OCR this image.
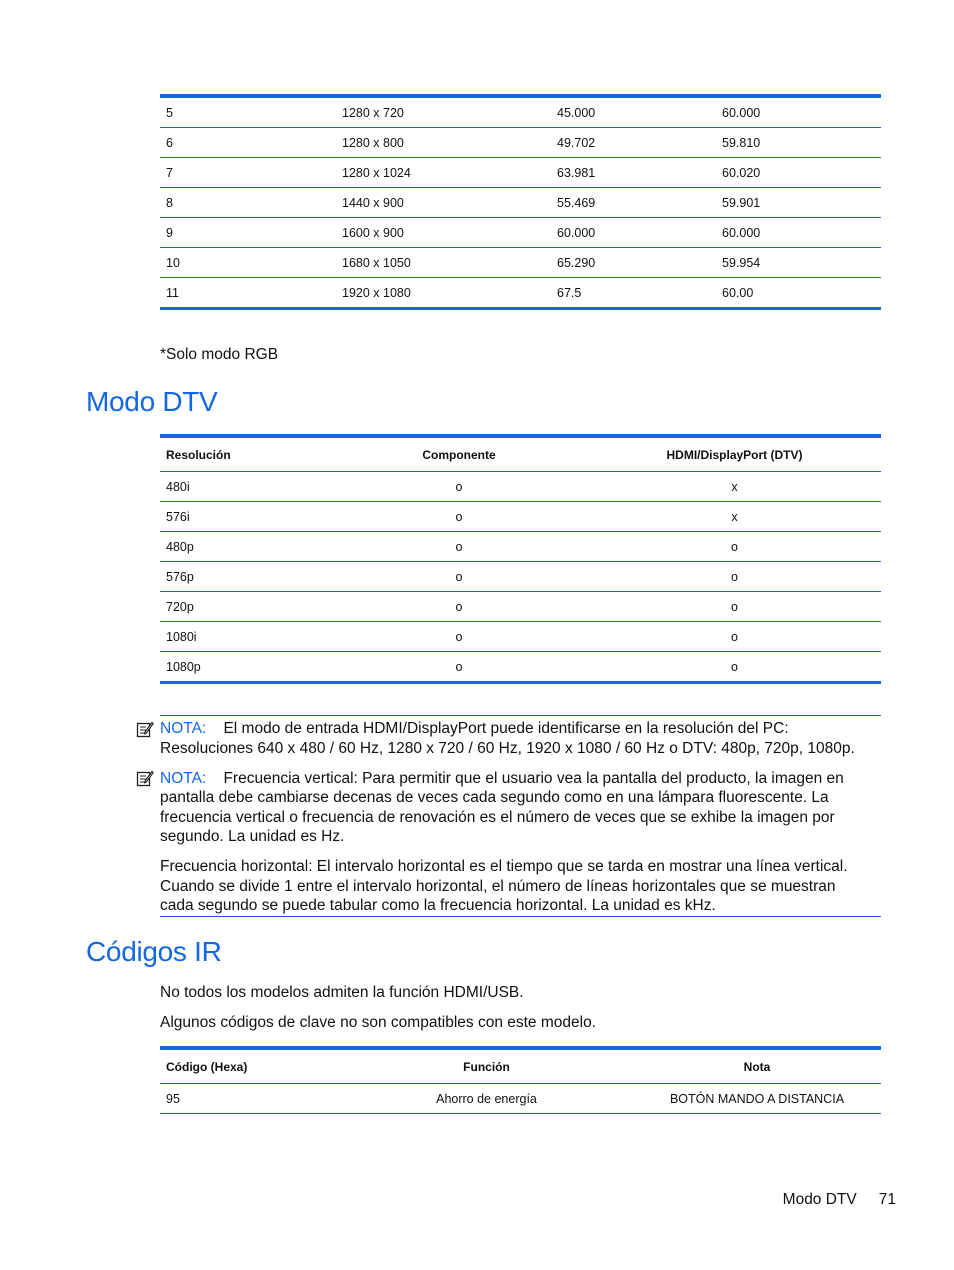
5	1280 x 720	45.000	60.000
6	1280 x 800	49.702	59.810
7	1280 x 1024	63.981	60.020
8	1440 x 900	55.469	59.901
9	1600 x 900	60.000	60.000
10	1680 x 1050	65.290	59.954
11	1920 x 1080	67.5	60.00

*Solo modo RGB

Modo DTV
Resolución	Componente	HDMI/DisplayPort (DTV)
480i	o	x
576i	o	x
480p	o	o
576p	o	o
720p	o	o
1080i	o	o
1080p	o	o

NOTA: El modo de entrada HDMI/DisplayPort puede identificarse en la resolución del PC:

Resoluciones 640 x 480 / 60 Hz, 1280 x 720 / 60 Hz, 1920 x 1080 / 60 Hz o DTV: 480p, 720p, 1080p.

NOTA: Frecuencia vertical: Para permitir que el usuario vea la pantalla del producto, la imagen en

pantalla debe cambiarse decenas de veces cada segundo como en una lámpara fluorescente. La

frecuencia vertical o frecuencia de renovación es el número de veces que se exhibe la imagen por

segundo. La unidad es Hz.

Frecuencia horizontal: El intervalo horizontal es el tiempo que se tarda en mostrar una línea vertical.

Cuando se divide 1 entre el intervalo horizontal, el número de líneas horizontales que se muestran

cada segundo se puede tabular como la frecuencia horizontal. La unidad es kHz.

Códigos IR

No todos los modelos admiten la función HDMI/USB.

Algunos códigos de clave no son compatibles con este modelo.

Código (Hexa)	Función	Nota
95	Ahorro de energía	BOTÓN MANDO A DISTANCIA
Modo DTV 71
